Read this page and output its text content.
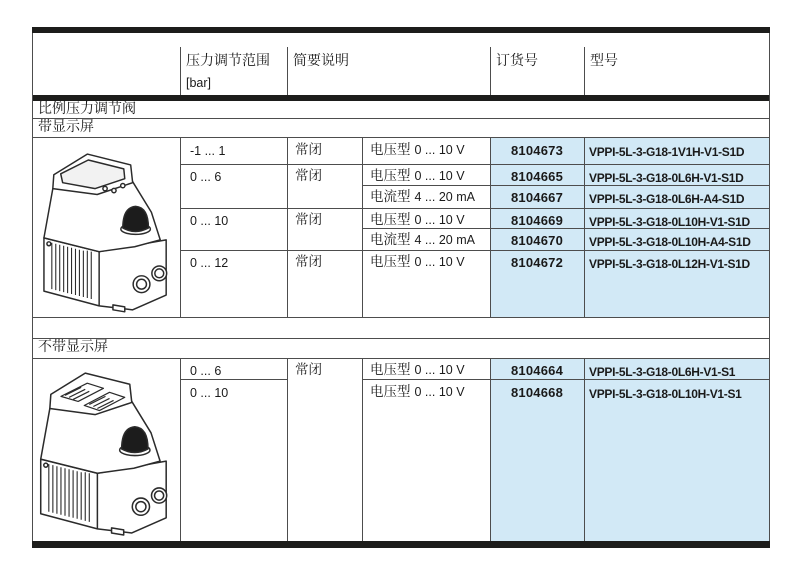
压力调节范围
[bar]
简要说明	订货号	型号
比例压力调节阀
带显示屏
不带显示屏
-1 ... 1	常闭	电压型 0 ... 10 V	8104673	VPPI-5L-3-G18-1V1H-V1-S1D
0 ... 6	常闭	电压型 0 ... 10 V	8104665	VPPI-5L-3-G18-0L6H-V1-S1D
电流型 4 ... 20 mA	8104667	VPPI-5L-3-G18-0L6H-A4-S1D
0 ... 10	常闭	电压型 0 ... 10 V	8104669	VPPI-5L-3-G18-0L10H-V1-S1D
电流型 4 ... 20 mA	8104670	VPPI-5L-3-G18-0L10H-A4-S1D
0 ... 12	常闭	电压型 0 ... 10 V	8104672	VPPI-5L-3-G18-0L12H-V1-S1D
0 ... 6	常闭	电压型 0 ... 10 V	8104664	VPPI-5L-3-G18-0L6H-V1-S1
0 ... 10	电压型 0 ... 10 V	8104668	VPPI-5L-3-G18-0L10H-V1-S1
